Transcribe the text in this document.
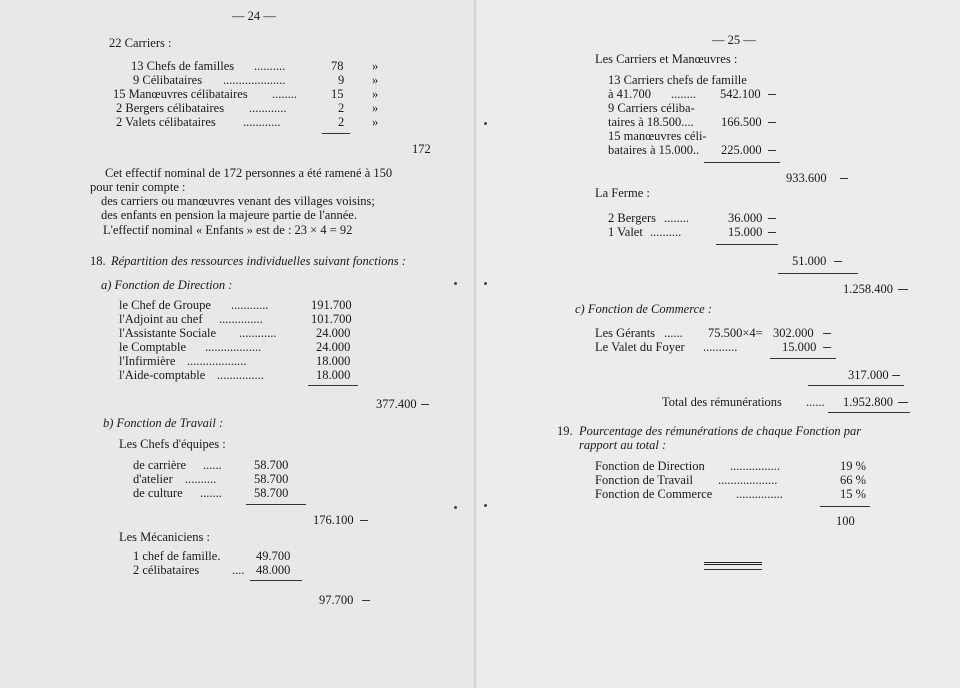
— 24 —
22 Carriers :
13 Chefs de familles ..........	78 »
9 Célibataires ....................	9 »
15 Manœuvres célibataires ........	15 »
2 Bergers célibataires ............	2 »
2 Valets célibataires ............	2 »
172
Cet effectif nominal de 172 personnes a été ramené à 150
pour tenir compte :
des carriers ou manœuvres venant des villages voisins;
des enfants en pension la majeure partie de l'année.
L'effectif nominal « Enfants » est de : 23 × 4 = 92
18. Répartition des ressources individuelles suivant fonctions :
a) Fonction de Direction :
le Chef de Groupe ............	191.700
l'Adjoint au chef ..............	101.700
l'Assistante Sociale ............	24.000
le Comptable ..................	24.000
l'Infirmière ...................	18.000
l'Aide-comptable ...............	18.000
377.400
b) Fonction de Travail :
Les Chefs d'équipes :
de carrière ......	58.700
d'atelier ..........	58.700
de culture .......	58.700
176.100
Les Mécaniciens :
1 chef de famille.	49.700
2 célibataires	.... 48.000
97.700
— 25 —
Les Carriers et Manœuvres :
13 Carriers chefs de famille
à 41.700 ........ 542.100
9 Carriers céliba-
taires à 18.500.... 166.500
15 manœuvres céli-
bataires à 15.000.. 225.000
933.600
La Ferme :
2 Bergers ........	36.000
1 Valet ..........	15.000
51.000
1.258.400
c) Fonction de Commerce :
Les Gérants ...... 75.500×4= 302.000
Le Valet du Foyer ...........	15.000
317.000
Total des rémunérations ...... 1.952.800
19. Pourcentage des rémunérations de chaque Fonction par
rapport au total :
Fonction de Direction ................	19 %
Fonction de Travail ...................	66 %
Fonction de Commerce ...............	15 %
100
